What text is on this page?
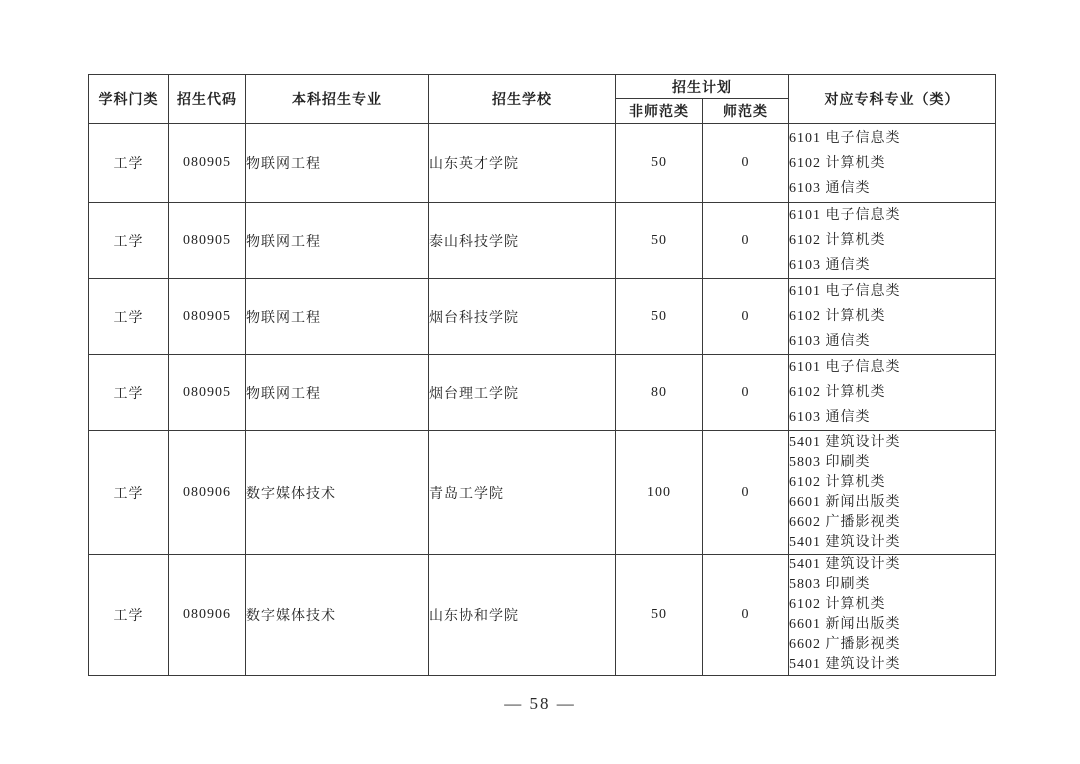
学科门类	招生代码	本科招生专业	招生学校	招生计划		对应专科专业（类）
				非师范类	师范类	
工学	080905	物联网工程	山东英才学院	50	0	6101 电子信息类
6102 计算机类
6103 通信类

工学	080905	物联网工程	泰山科技学院	50	0	6101 电子信息类
6102 计算机类
6103 通信类

工学	080905	物联网工程	烟台科技学院	50	0	6101 电子信息类
6102 计算机类
6103 通信类

工学	080905	物联网工程	烟台理工学院	80	0	6101 电子信息类
6102 计算机类
6103 通信类

工学	080906	数字媒体技术	青岛工学院	100	0	
5401 建筑设计类
5803 印刷类
6102 计算机类
6601 新闻出版类
6602 广播影视类
5401 建筑设计类

工学	080906	数字媒体技术	山东协和学院	50	0	
5401 建筑设计类
5803 印刷类
6102 计算机类
6601 新闻出版类
6602 广播影视类
5401 建筑设计类
— 58 —
